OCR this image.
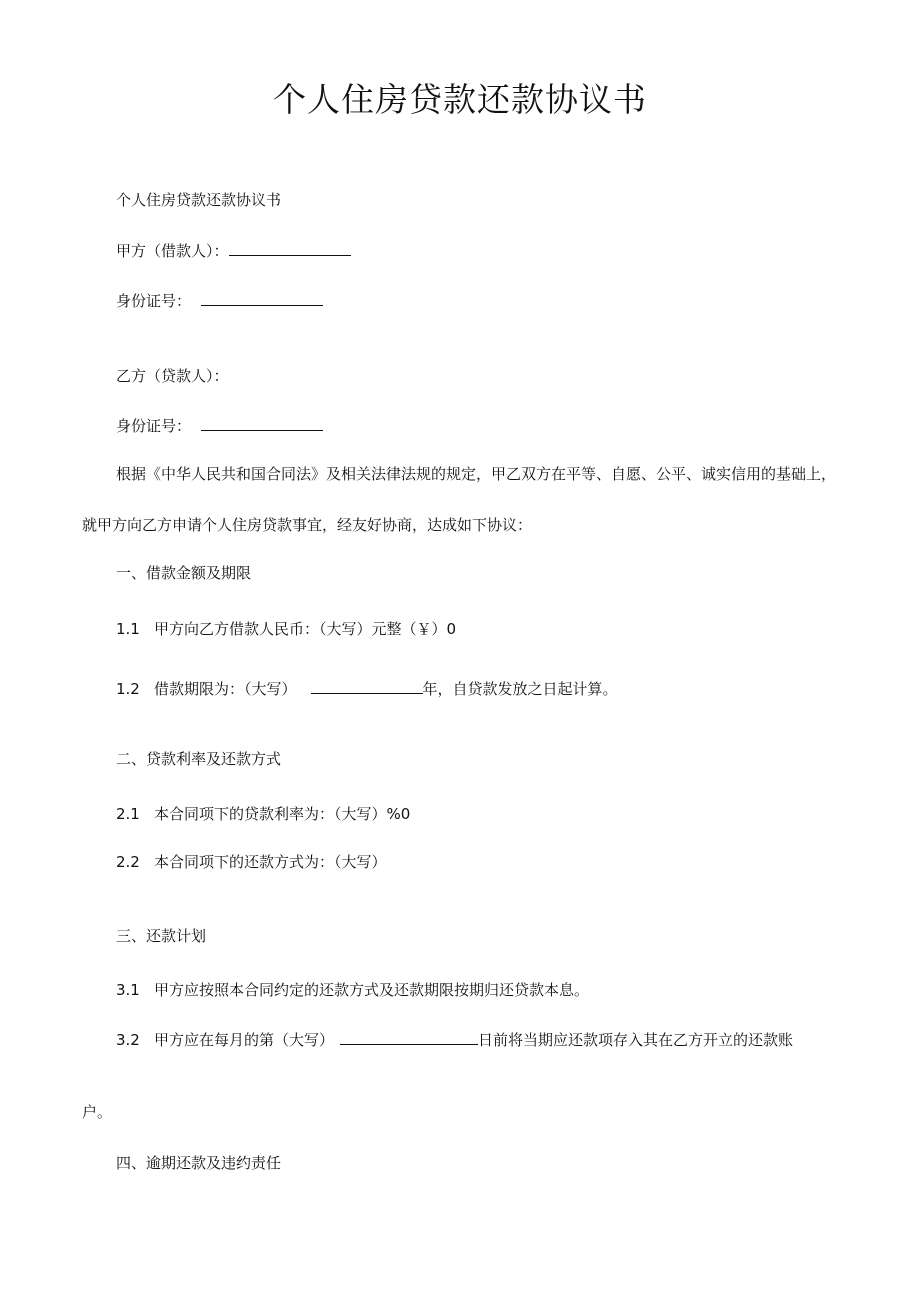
个人住房贷款还款协议书
个人住房贷款还款协议书
甲方（借款人）：
身份证号：
乙方（贷款人）：
身份证号：
根据《中华人民共和国合同法》及相关法律法规的规定，甲乙双方在平等、自愿、公平、诚实信用的基础上，
就甲方向乙方申请个人住房贷款事宜，经友好协商，达成如下协议：
一、借款金额及期限
1.1 甲方向乙方借款人民币：（大写）元整（￥）0
1.2 借款期限为：（大写）	年，自贷款发放之日起计算。
二、贷款利率及还款方式
2.1 本合同项下的贷款利率为：（大写）%0
2.2 本合同项下的还款方式为：（大写）
三、还款计划
3.1 甲方应按照本合同约定的还款方式及还款期限按期归还贷款本息。
3.2 甲方应在每月的第（大写）	日前将当期应还款项存入其在乙方开立的还款账
户。
四、逾期还款及违约责任
